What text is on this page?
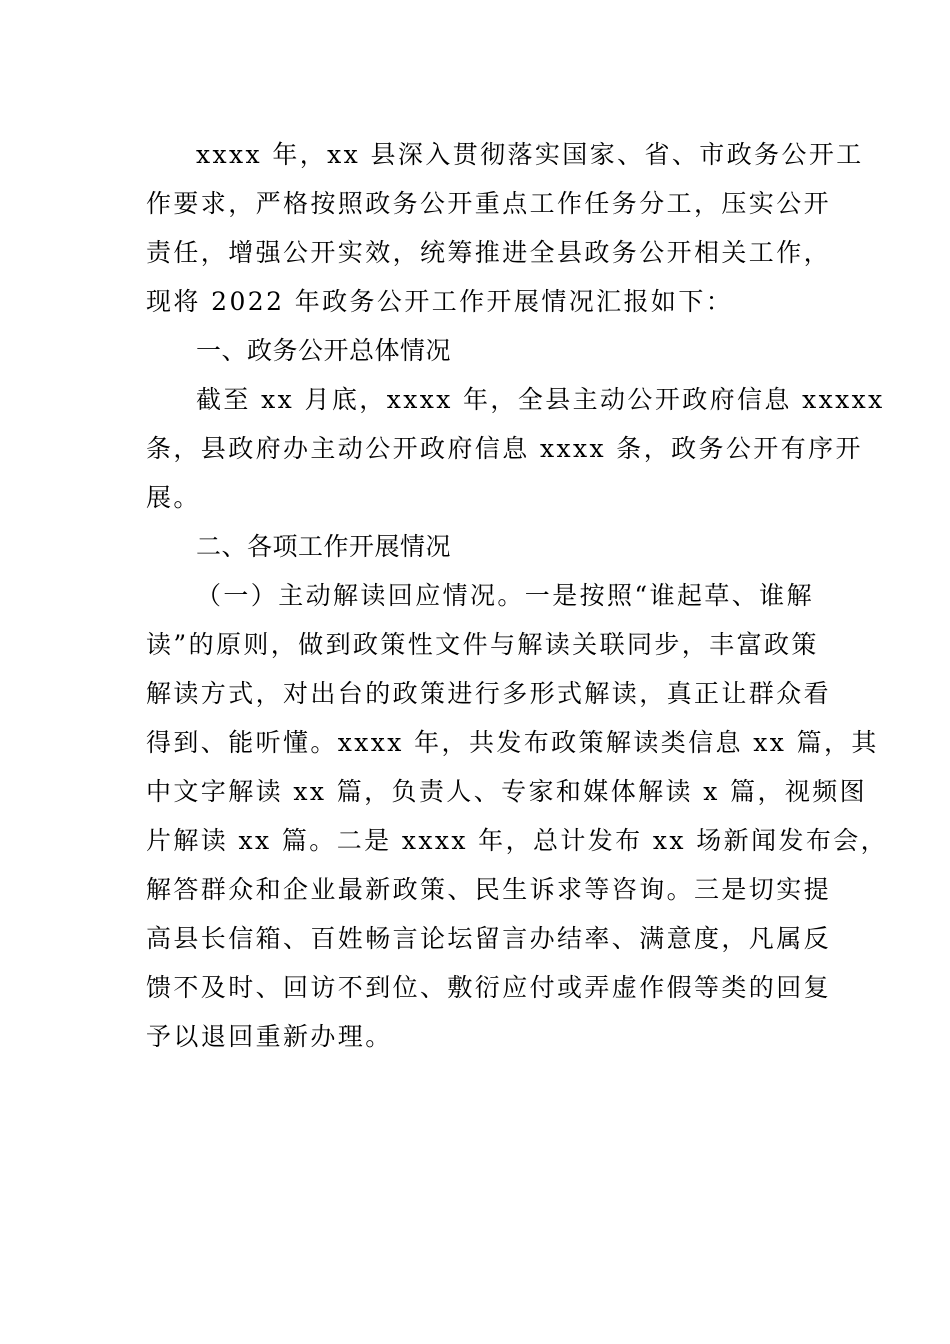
xxxx 年，xx 县深入贯彻落实国家、省、市政务公开工
作要求，严格按照政务公开重点工作任务分工，压实公开
责任，增强公开实效，统筹推进全县政务公开相关工作，
现将 2022 年政务公开工作开展情况汇报如下：
一、政务公开总体情况
截至 xx 月底，xxxx 年，全县主动公开政府信息 xxxxx
条，县政府办主动公开政府信息 xxxx 条，政务公开有序开
展。
二、各项工作开展情况
（一）主动解读回应情况。一是按照“谁起草、谁解
读”的原则，做到政策性文件与解读关联同步，丰富政策
解读方式，对出台的政策进行多形式解读，真正让群众看
得到、能听懂。xxxx 年，共发布政策解读类信息 xx 篇，其
中文字解读 xx 篇，负责人、专家和媒体解读 x 篇，视频图
片解读 xx 篇。二是 xxxx 年，总计发布 xx 场新闻发布会，
解答群众和企业最新政策、民生诉求等咨询。三是切实提
高县长信箱、百姓畅言论坛留言办结率、满意度，凡属反
馈不及时、回访不到位、敷衍应付或弄虚作假等类的回复
予以退回重新办理。
